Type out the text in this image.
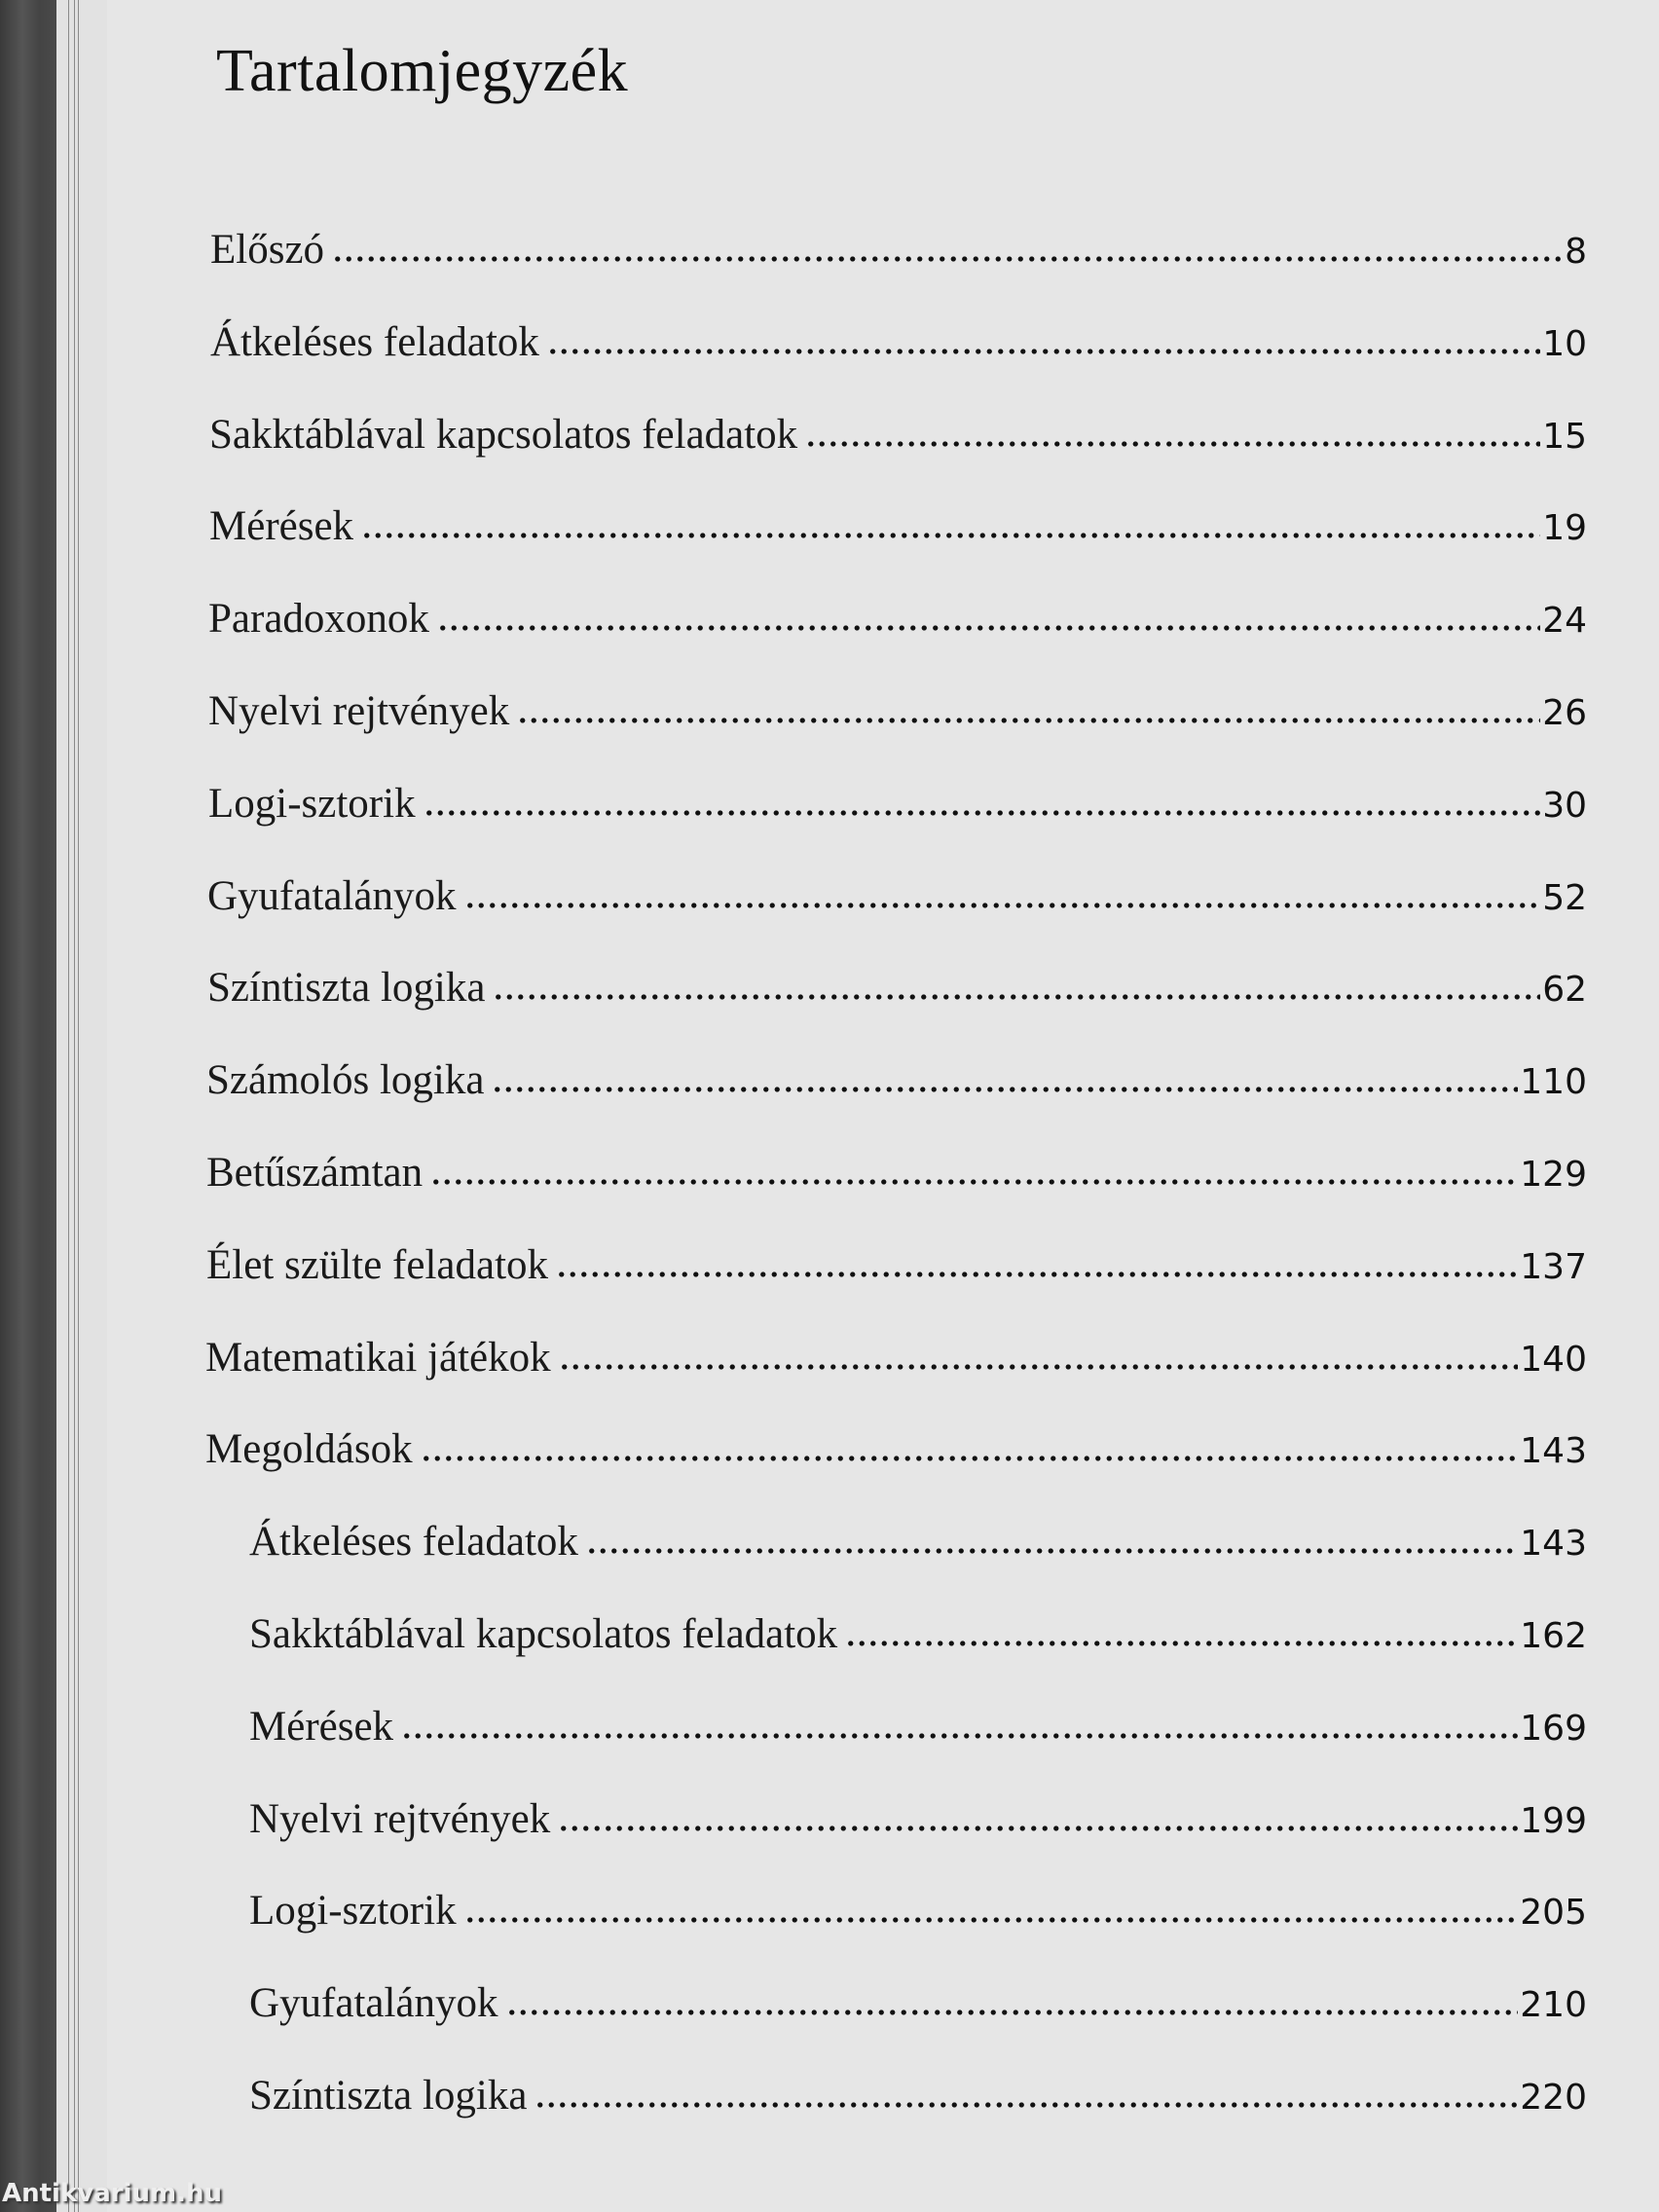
Tartalomjegyzék
Előszó	8
Átkeléses feladatok	10
Sakktáblával kapcsolatos feladatok	15
Mérések	19
Paradoxonok	24
Nyelvi rejtvények	26
Logi-sztorik	30
Gyufatalányok	52
Színtiszta logika	62
Számolós logika	110
Betűszámtan	129
Élet szülte feladatok	137
Matematikai játékok	140
Megoldások	143
Átkeléses feladatok	143
Sakktáblával kapcsolatos feladatok	162
Mérések	169
Nyelvi rejtvények	199
Logi-sztorik	205
Gyufatalányok	210
Színtiszta logika	220
Antikvarium.hu
